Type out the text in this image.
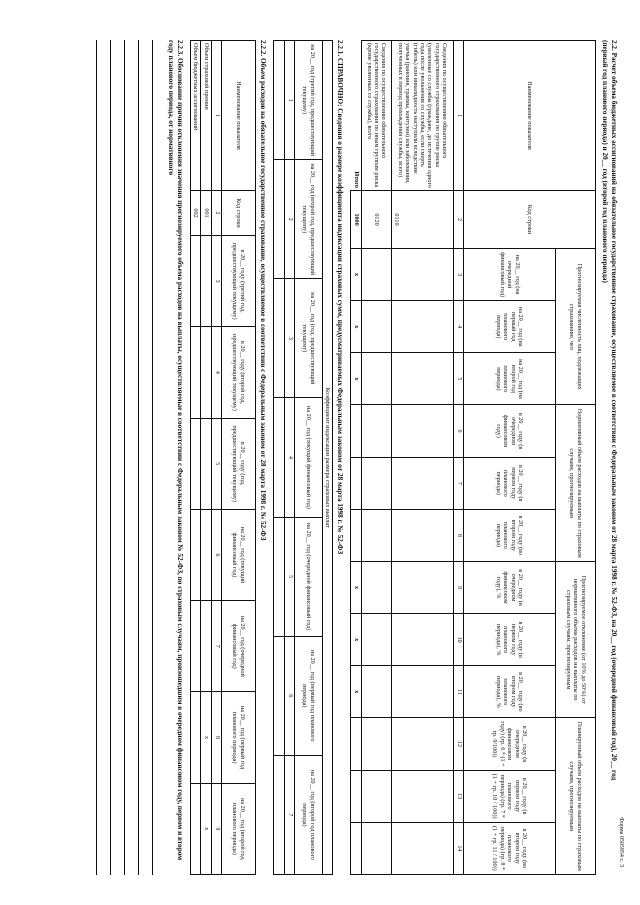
Форма 0505854 с. 3
2.2. Расчет объема бюджетных ассигнований на обязательное государственное страхование, осуществляемое в соответствии с Федеральным законом от 28 марта 1998 г. № 52-ФЗ, на 20__ год (очередной финансовый год), 20__ год (первый год планового периода) и 20__ год (второй год планового периода)
Наименование показателя	Код строки	Прогнозируемая численность лиц, подлежащих страхованию, чел			Нормативный объем расходов на выплаты по страховым случаям, прогнозируемым			Прогнозируемое отклонение (от 10% до 50%) от нормативного объема расходов на выплаты по страховым случаям, прогнозируемым			Планируемый объем расходов на выплаты по страховым случаям, прогнозируемым		
		на 20__ год (на очередной финансовый год)	на 20__ год (на первый год планового периода)	на 20__ год (на второй год планового периода)	в 20__ году (в очередном финансовом году)	в 20__ году (в первом году планового периода)	в 20__ году (во втором году планового периода)	в 20__ году (в очередном финансовом году), %	в 20__ году (в первом году планового периода), %	в 20__ году (во втором году планового периода), %	в 20__ году (в очередном финансовом году) (гр. 6 * (1 + гр. 9/100))	в 20__ году (в первом году планового периода) (гр. 7 * (1 + гр. 10 / 100))	в 20__ году (во втором году планового периода) (гр. 8 * (1 + гр. 11 / 100))
1	2	3	4	5	6	7	8	9	10	11	12	13	14
Сведения по осуществлению обязательного государственного страхования по группе риска (уволенные со службы (граждане, до истечения одного года после увольнения со службы, если смерть (гибель) или инвалидность наступили вследствие увечья (ранения, травмы, контузии) или заболевания, полученных в период прохождения службы, всего)	0110												
Сведения по осуществлению обязательного государственного страхования по иным группам риска (кроме уволенных со службы), всего	0120												
Итого	1000	x	x	x				x	x	x			
2.2.1. СПРАВОЧНО: Сведения о размере коэффициента индексации страховых сумм, предусматриваемых Федеральным законом от 28 марта 1998 г. № 52-ФЗ
Коэффициент индексации размера страховых выплат						
на 20__ год (третий год, предшествующий текущему)	на 20__ год (второй год, предшествующий текущему)	на 20__ год (год, предшествующий текущему)	на 20__ год (текущий финансовый год)	на 20__ год (очередной финансовый год)	на 20__ год (первый год планового периода)	на 20__ год (второй год планового периода)
1	2	3	4	5	6	7

2.2.2. Объем расходов на обязательное государственное страхование, осуществляемое в соответствии с Федеральным законом от 28 марта 1998 г. № 52-ФЗ
Наименование показателя	Код строки	в 20__ году (третий год, предшествующий текущему)	в 20__ году (второй год, предшествующий текущему)	в 20__ году (год, предшествующий текущему)	на 20__ год (текущий финансовый год)	на 20__ год (очередной финансовый год)	на 20__ год (первый год планового периода)	на 20__ год (второй год планового периода)
1	2	3	4	5	6	7	8	9
Объем страховой премии	001						x	x
Объем бюджетных ассигнований	002							
2.2.3. Обоснование причин отклонения значения прогнозируемого объема расходов на выплаты, осуществляемые в соответствии с Федеральным законом № 52-ФЗ, по страховым случаям, произошедшим в очередном финансовом году, первом и втором году планового периода, от нормативного
